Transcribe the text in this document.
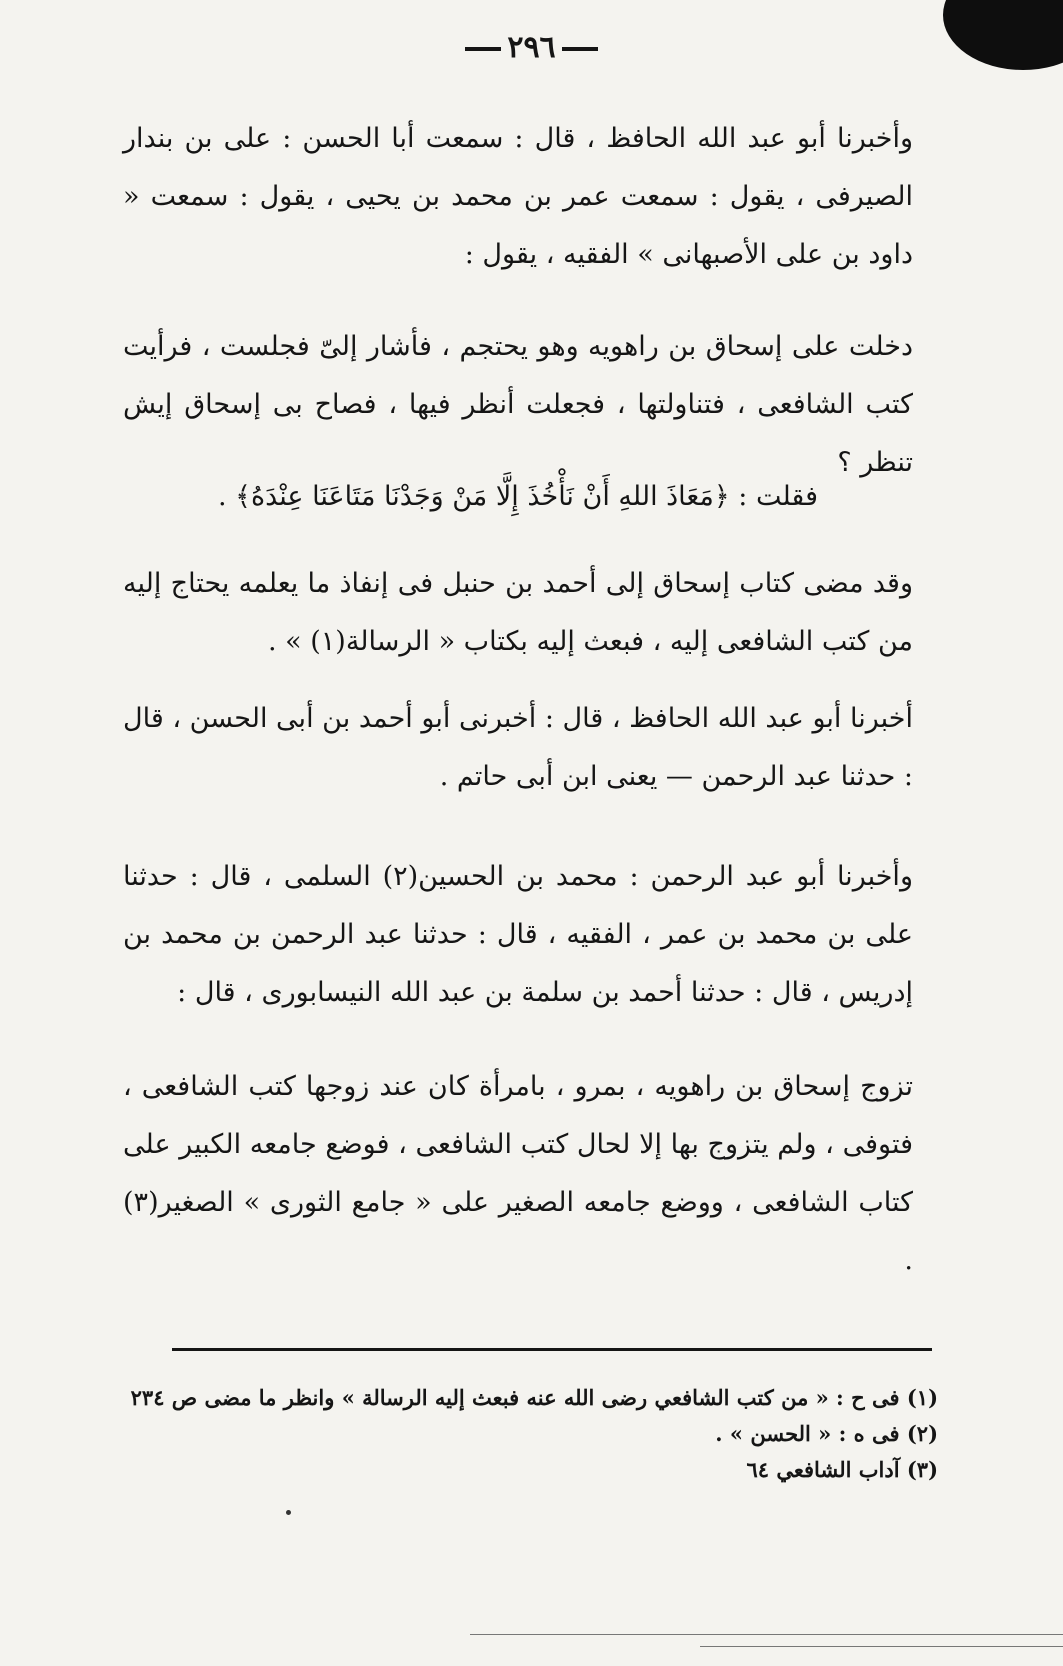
٢٩٦

وأخبرنا أبو عبد الله الحافظ ، قال : سمعت أبا الحسن : على بن بندار الصيرفى ، يقول : سمعت عمر بن محمد بن يحيى ، يقول : سمعت « داود بن على الأصبهانى » الفقيه ، يقول :

دخلت على إسحاق بن راهويه وهو يحتجم ، فأشار إلىّ فجلست ، فرأيت كتب الشافعى ، فتناولتها ، فجعلت أنظر فيها ، فصاح بى إسحاق إيش تنظر ؟

فقلت : ﴿مَعَاذَ اللهِ أَنْ نَأْخُذَ إِلَّا مَنْ وَجَدْنَا مَتَاعَنَا عِنْدَهُ﴾ .

وقد مضى كتاب إسحاق إلى أحمد بن حنبل فى إنفاذ ما يعلمه يحتاج إليه من كتب الشافعى إليه ، فبعث إليه بكتاب « الرسالة(١) » .

أخبرنا أبو عبد الله الحافظ ، قال : أخبرنى أبو أحمد بن أبى الحسن ، قال : حدثنا عبد الرحمن — يعنى ابن أبى حاتم .

وأخبرنا أبو عبد الرحمن : محمد بن الحسين(٢) السلمى ، قال : حدثنا على بن محمد بن عمر ، الفقيه ، قال : حدثنا عبد الرحمن بن محمد بن إدريس ، قال : حدثنا أحمد بن سلمة بن عبد الله النيسابورى ، قال :

تزوج إسحاق بن راهويه ، بمرو ، بامرأة كان عند زوجها كتب الشافعى ، فتوفى ، ولم يتزوج بها إلا لحال كتب الشافعى ، فوضع جامعه الكبير على كتاب الشافعى ، ووضع جامعه الصغير على « جامع الثورى » الصغير(٣) .

(١) فى ح : « من كتب الشافعي رضى الله عنه فبعث إليه الرسالة » وانظر ما مضى ص ٢٣٤

(٢) فى ه : « الحسن » .

(٣) آداب الشافعي ٦٤
